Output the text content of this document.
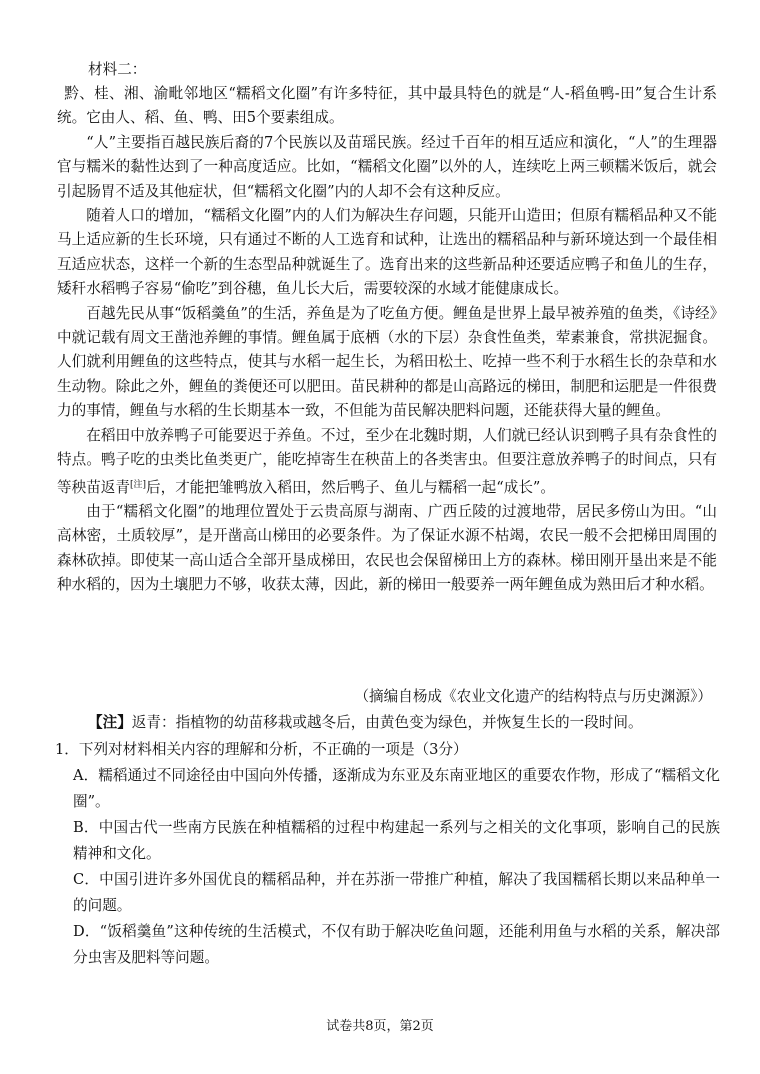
材料二：

黔、桂、湘、渝毗邻地区“糯稻文化圈”有许多特征，其中最具特色的就是“人-稻鱼鸭-田”复合生计系统。它由人、稻、鱼、鸭、田5个要素组成。

“人”主要指百越民族后裔的7个民族以及苗瑶民族。经过千百年的相互适应和演化，“人”的生理器官与糯米的黏性达到了一种高度适应。比如，“糯稻文化圈”以外的人，连续吃上两三顿糯米饭后，就会引起肠胃不适及其他症状，但“糯稻文化圈”内的人却不会有这种反应。

随着人口的增加，“糯稻文化圈”内的人们为解决生存问题，只能开山造田；但原有糯稻品种又不能马上适应新的生长环境，只有通过不断的人工选育和试种，让选出的糯稻品种与新环境达到一个最佳相互适应状态，这样一个新的生态型品种就诞生了。选育出来的这些新品种还要适应鸭子和鱼儿的生存，矮秆水稻鸭子容易“偷吃”到谷穗，鱼儿长大后，需要较深的水域才能健康成长。

百越先民从事“饭稻羹鱼”的生活，养鱼是为了吃鱼方便。鲤鱼是世界上最早被养殖的鱼类，《诗经》中就记载有周文王凿池养鲤的事情。鲤鱼属于底栖（水的下层）杂食性鱼类，荤素兼食，常拱泥掘食。人们就利用鲤鱼的这些特点，使其与水稻一起生长，为稻田松土、吃掉一些不利于水稻生长的杂草和水生动物。除此之外，鲤鱼的粪便还可以肥田。苗民耕种的都是山高路远的梯田，制肥和运肥是一件很费力的事情，鲤鱼与水稻的生长期基本一致，不但能为苗民解决肥料问题，还能获得大量的鲤鱼。

在稻田中放养鸭子可能要迟于养鱼。不过，至少在北魏时期，人们就已经认识到鸭子具有杂食性的特点。鸭子吃的虫类比鱼类更广，能吃掉寄生在秧苗上的各类害虫。但要注意放养鸭子的时间点，只有等秧苗返青[注]后，才能把雏鸭放入稻田，然后鸭子、鱼儿与糯稻一起“成长”。

由于“糯稻文化圈”的地理位置处于云贵高原与湖南、广西丘陵的过渡地带，居民多傍山为田。“山高林密，土质较厚”，是开凿高山梯田的必要条件。为了保证水源不枯竭，农民一般不会把梯田周围的森林砍掉。即使某一高山适合全部开垦成梯田，农民也会保留梯田上方的森林。梯田刚开垦出来是不能种水稻的，因为土壤肥力不够，收获太薄，因此，新的梯田一般要养一两年鲤鱼成为熟田后才种水稻。

（摘编自杨成《农业文化遗产的结构特点与历史渊源》）
【注】返青：指植物的幼苗移栽或越冬后，由黄色变为绿色，并恢复生长的一段时间。

1．下列对材料相关内容的理解和分析，不正确的一项是（3分）

A．糯稻通过不同途径由中国向外传播，逐渐成为东亚及东南亚地区的重要农作物，形成了“糯稻文化圈”。

B．中国古代一些南方民族在种植糯稻的过程中构建起一系列与之相关的文化事项，影响自己的民族精神和文化。

C．中国引进许多外国优良的糯稻品种，并在苏浙一带推广种植，解决了我国糯稻长期以来品种单一的问题。

D．“饭稻羹鱼”这种传统的生活模式，不仅有助于解决吃鱼问题，还能利用鱼与水稻的关系，解决部分虫害及肥料等问题。

试卷共8页，第2页
